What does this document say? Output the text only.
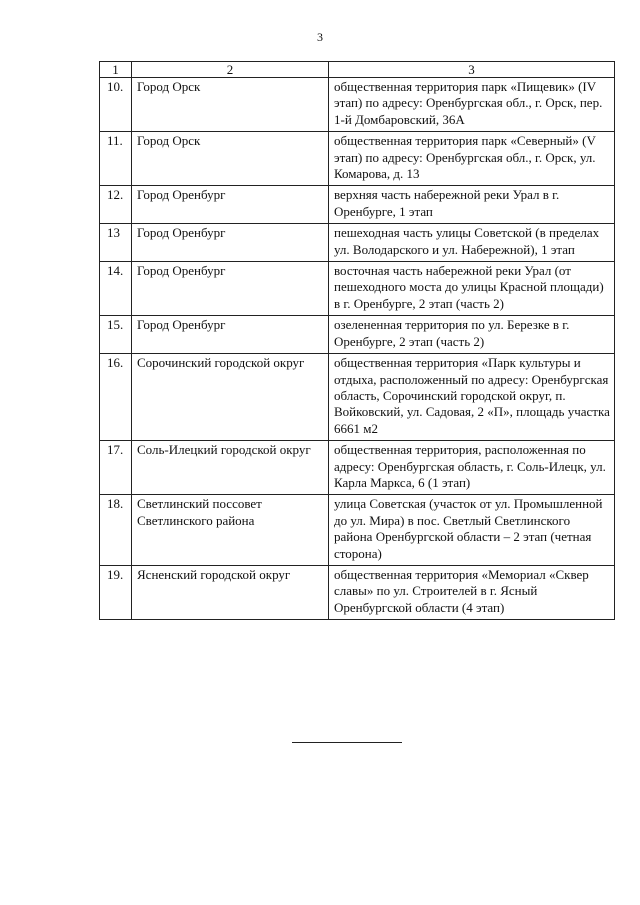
3
1	2	3
10.	Город Орск	общественная территория парк «Пищевик» (IV этап) по адресу: Оренбургская обл., г. Орск, пер. 1-й Домбаровский, 36А
11.	Город Орск	общественная территория парк «Северный» (V этап) по адресу: Оренбургская обл., г. Орск, ул. Комарова, д. 13
12.	Город Оренбург	верхняя часть набережной реки Урал в г. Оренбурге, 1 этап
13	Город Оренбург	пешеходная часть улицы Советской (в пределах ул. Володарского и ул. Набережной), 1 этап
14.	Город Оренбург	восточная часть набережной реки Урал (от пешеходного моста до улицы Красной площади) в г. Оренбурге, 2 этап (часть 2)
15.	Город Оренбург	озелененная территория по ул. Березке в г. Оренбурге, 2 этап (часть 2)
16.	Сорочинский городской округ	общественная территория «Парк культуры и отдыха, расположенный по адресу: Оренбургская область, Сорочинский городской округ, п. Войковский, ул. Садовая, 2 «П», площадь участка 6661 м2
17.	Соль-Илецкий городской округ	общественная территория, расположенная по адресу: Оренбургская область, г. Соль-Илецк, ул. Карла Маркса, 6 (1 этап)
18.	Светлинский поссовет Светлинского района	улица Советская (участок от ул. Промышленной до ул. Мира) в пос. Светлый Светлинского района Оренбургской области – 2 этап (четная сторона)
19.	Ясненский городской округ	общественная территория «Мемориал «Сквер славы» по ул. Строителей в г. Ясный Оренбургской области (4 этап)
